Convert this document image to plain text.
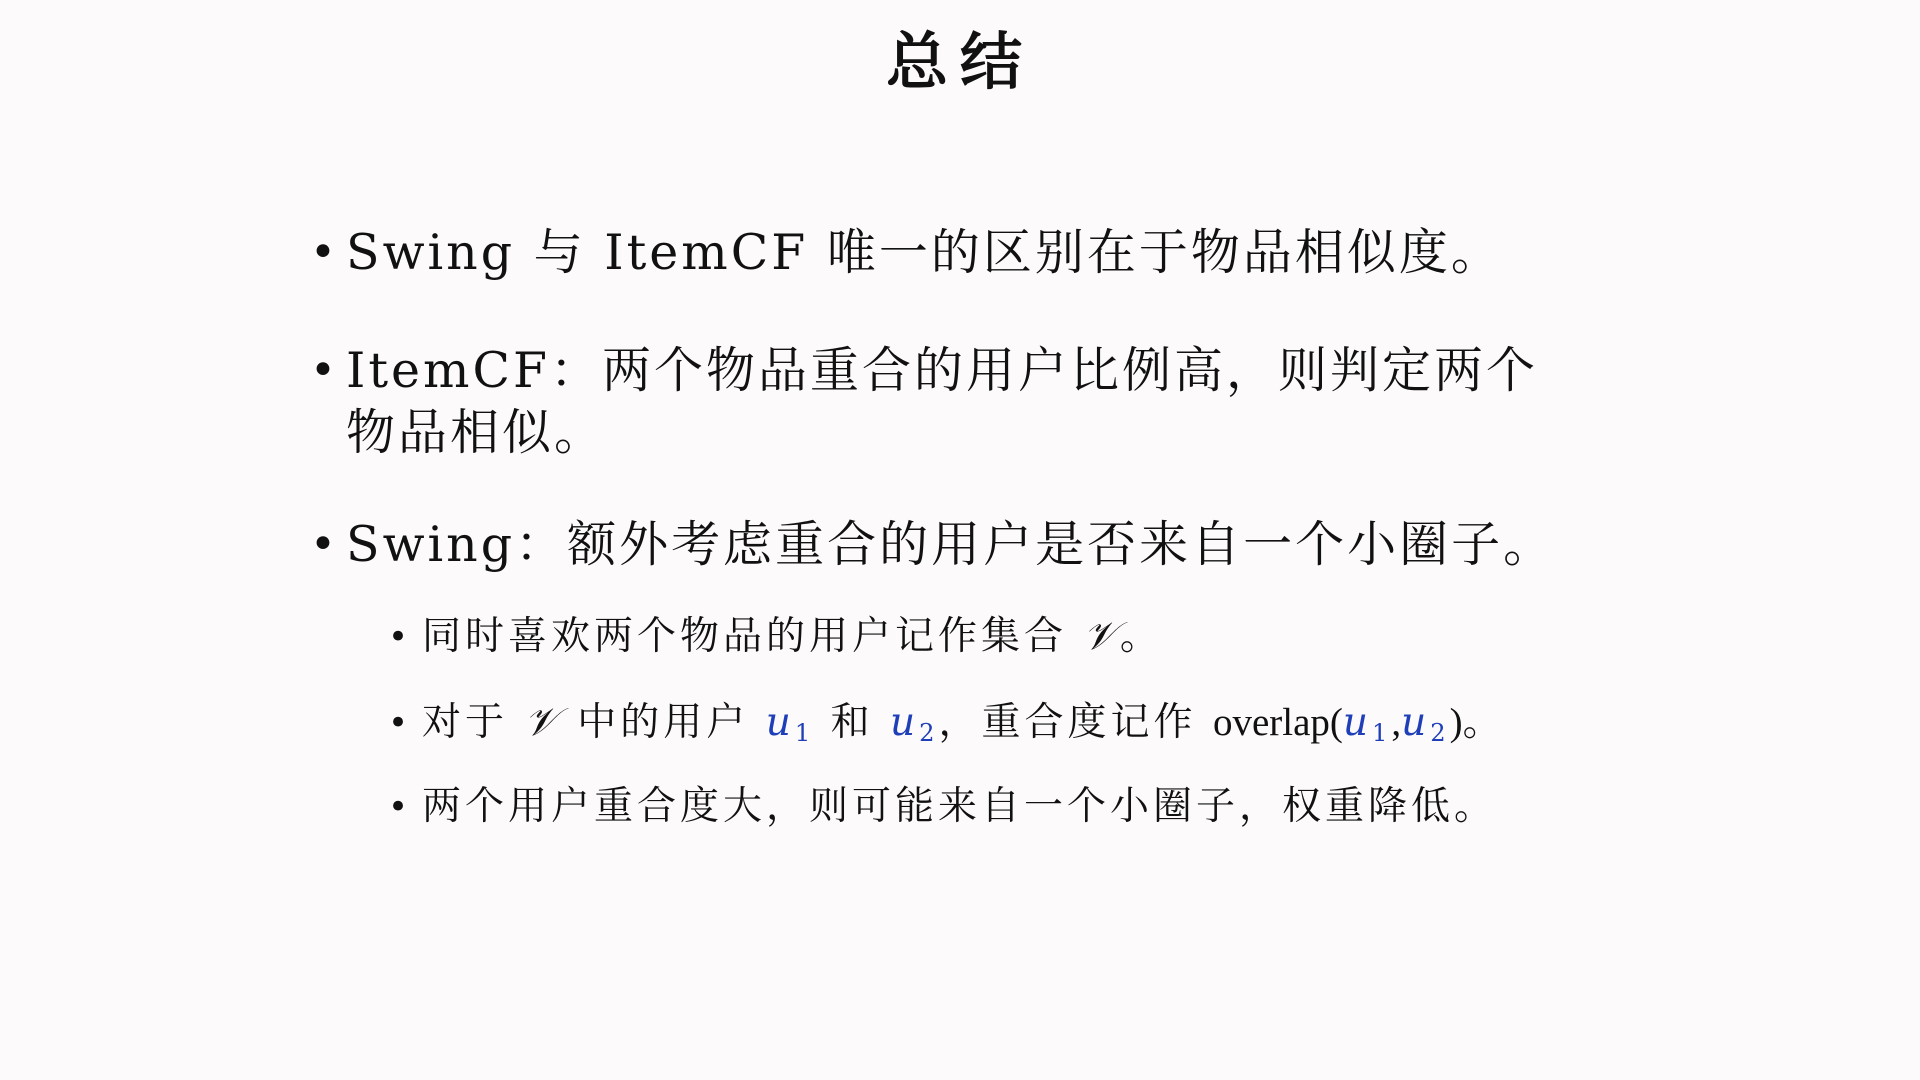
总结
• Swing 与 ItemCF 唯一的区别在于物品相似度。
• ItemCF：两个物品重合的用户比例高，则判定两个
物品相似。
• Swing：额外考虑重合的用户是否来自一个小圈子。
• 同时喜欢两个物品的用户记作集合 𝒱。
• 对于 𝒱 中的用户 $u_1$ 和 $u_2$，重合度记作 $overlap(u_1,u_2)$。
• 两个用户重合度大，则可能来自一个小圈子，权重降低。
